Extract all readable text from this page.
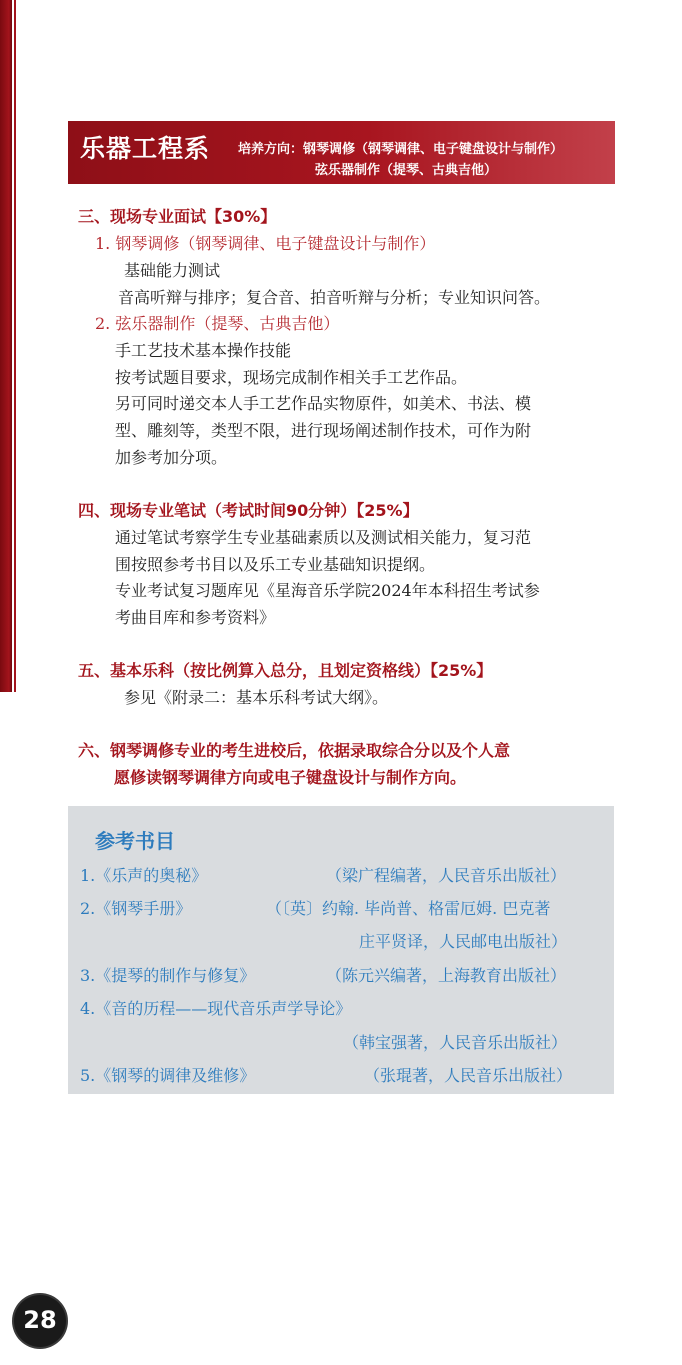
乐器工程系 培养方向：钢琴调修（钢琴调律、电子键盘设计与制作）
弦乐器制作（提琴、古典吉他）
三、现场专业面试【30%】
1. 钢琴调修（钢琴调律、电子键盘设计与制作）
基础能力测试
音高听辩与排序；复合音、拍音听辩与分析；专业知识问答。
2. 弦乐器制作（提琴、古典吉他）
手工艺技术基本操作技能
按考试题目要求，现场完成制作相关手工艺作品。
另可同时递交本人手工艺作品实物原件，如美术、书法、模
型、雕刻等，类型不限，进行现场阐述制作技术，可作为附
加参考加分项。
四、现场专业笔试（考试时间90分钟）【25%】
通过笔试考察学生专业基础素质以及测试相关能力，复习范
围按照参考书目以及乐工专业基础知识提纲。
专业考试复习题库见《星海音乐学院2024年本科招生考试参
考曲目库和参考资料》
五、基本乐科（按比例算入总分，且划定资格线）【25%】
参见《附录二：基本乐科考试大纲》。
六、钢琴调修专业的考生进校后，依据录取综合分以及个人意
愿修读钢琴调律方向或电子键盘设计与制作方向。
参考书目
1.《乐声的奥秘》	（梁广程编著，人民音乐出版社）
2.《钢琴手册》	（〔英〕约翰. 毕尚普、格雷厄姆. 巴克著
庄平贤译，人民邮电出版社）
3.《提琴的制作与修复》	（陈元兴编著，上海教育出版社）
4.《音的历程——现代音乐声学导论》
（韩宝强著，人民音乐出版社）
5.《钢琴的调律及维修》	（张琨著，人民音乐出版社）
28
